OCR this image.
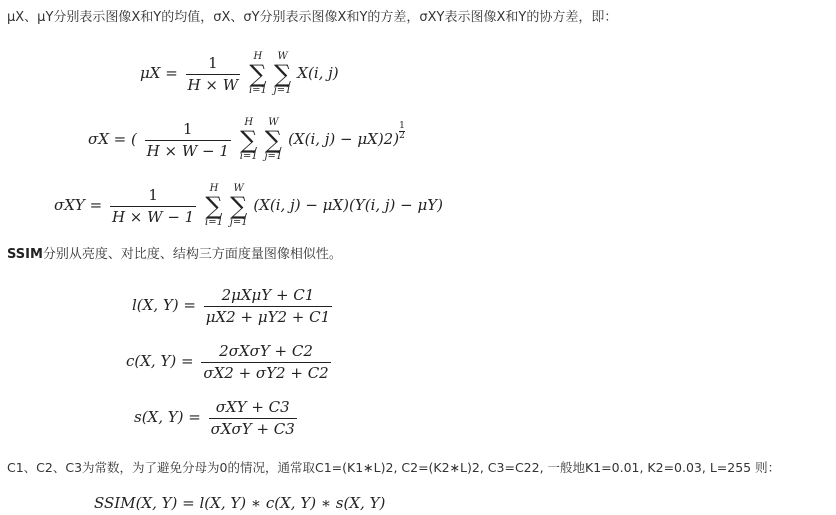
μX、μY分别表示图像X和Y的均值，σX、σY分别表示图像X和Y的方差，σXY表示图像X和Y的协方差，即：
$\mu X = \frac{1}{H \times W}$
	H
∑
i=1

W
∑
j=1
X(i, j)
σX = ( $\frac{1}{H \times W - 1}$
	H
∑
i=1

W
∑
j=1
(X(i, $j) - \mu X)2) \frac{1}{2}$
$\sigma XY = \frac{1}{H \times W - 1}$
	H
∑
i=1

W
∑
j=1
(X(i, j) − μX)(Y(i, j) − μY)
SSIM分别从亮度、对比度、结构三方面度量图像相似性。
l(X, $Y) = \frac{\text{2μXμY + C1}}{\mu X2 + \mu Y2 + C1}$
c(X, $Y) = \frac{\text{2σXσY + C2}}{\sigma X2 + \sigma Y2 + C2}$
s(X, $Y) = \frac{\text{σXY + C3}}{\text{σXσY + C3}}$
C1、C2、C3为常数，为了避免分母为0的情况，通常取C1=(K1∗L)2, C2=(K2∗L)2, C3=C22, 一般地K1=0.01, K2=0.03, L=255 则：
SSIM(X, Y) = l(X, Y) ∗ c(X, Y) ∗ s(X, Y)
